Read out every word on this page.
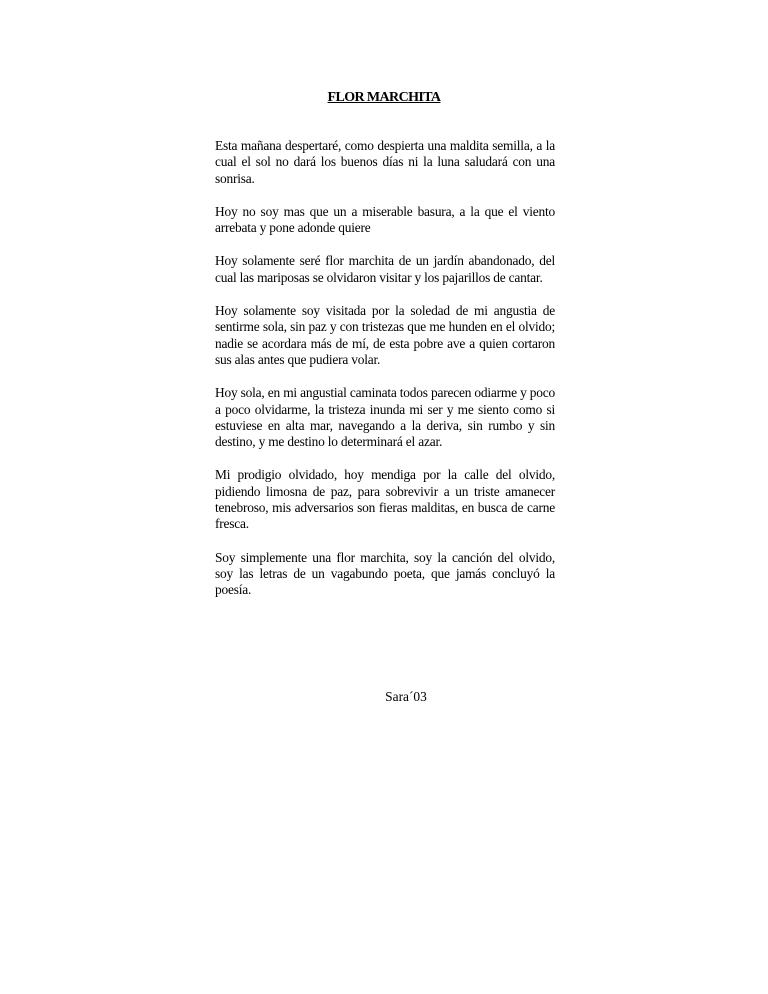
FLOR MARCHITA

Esta mañana despertaré, como despierta una maldita semilla, a la cual el sol no dará los buenos días ni la luna saludará con una sonrisa.

Hoy no soy mas que un a miserable basura, a la que el viento arrebata y pone adonde quiere

Hoy solamente seré flor marchita de un jardín abandonado, del cual las mariposas se olvidaron visitar y los pajarillos de cantar.

Hoy solamente soy visitada por la soledad de mi angustia de sentirme sola, sin paz y con tristezas que me hunden en el olvido; nadie se acordara más de mí, de esta pobre ave a quien cortaron sus alas antes que pudiera volar.

Hoy sola, en mi angustial caminata todos parecen odiarme y poco a poco olvidarme, la tristeza inunda mi ser y me siento como si estuviese en alta mar, navegando a la deriva, sin rumbo y sin destino, y me destino lo determinará el azar.

Mi prodigio olvidado, hoy mendiga por la calle del olvido, pidiendo limosna de paz, para sobrevivir a un triste amanecer tenebroso, mis adversarios son fieras malditas, en busca de carne fresca.

Soy simplemente una flor marchita, soy la canción del olvido, soy las letras de un vagabundo poeta, que jamás concluyó la poesía.

Sara´03
